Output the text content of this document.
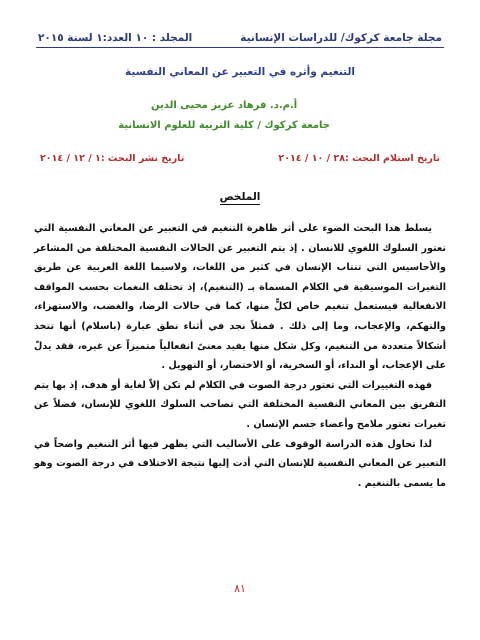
مجلة جامعة كركوك/ للدراسات الإنسانية
المجلد : ١٠ العدد:١ لسنة ٢٠١٥
التنغيم وأثره في التعبير عن المعاني النفسية
أ.م.د. فرهاد عزيز محيى الدين
جامعة كركوك / كلية التربية للعلوم الانسانية
تاريخ استلام البحث :٢٨ / ١٠ / ٢٠١٤
تاريخ نشر البحث :١ / ١٢ / ٢٠١٤
الملخص

يسلط هذا البحث الضوء على أثر ظاهرة التنغيم في التعبير عن المعاني النفسية التي تعتور السلوك اللغوي للانسان . إذ يتم التعبير عن الحالات النفسية المختلفة من المشاعر والأحاسيس التي تنتاب الإنسان في كثير من اللغات، ولاسيما اللغة العربية عن طريق التغيرات الموسيقية في الكلام المسماة بـ (التنغيم)، إذ تختلف النغمات بحسب المواقف الانفعالية فيستعمل تنغيم خاص لكلٍّ منها، كما في حالات الرضا، والغضب، والاستهزاء، والتهكم، والإعجاب، وما إلى ذلك . فمثلاً نجد في أثناء نطق عبارة (باسلام) أنها تتخذ أشكالاً متعددة من التنغيم، وكل شكل منها يفيد معنىً انفعالياً متميزاً عن غيره، فقد يدلّ على الإعجاب، أو النداء، أو السخرية، أو الاختصار، أو التهويل .

فهذه التغييرات التي تعتور درجة الصوت في الكلام لم تكن إلاّ لغاية أو هدف، إذ بها يتم التفريق بين المعاني النفسية المختلفة التي تصاحب السلوك اللغوي للإنسان، فضلاً عن تغيرات تعتور ملامح وأعضاء جسم الإنسان .

لذا تحاول هذه الدراسة الوقوف على الأساليب التي يظهر فيها أثر التنغيم واضحاً في التعبير عن المعاني النفسية للإنسان التي أدت إليها نتيجة الاختلاف في درجة الصوت وهو ما يسمى بالتنغيم .

٨١
